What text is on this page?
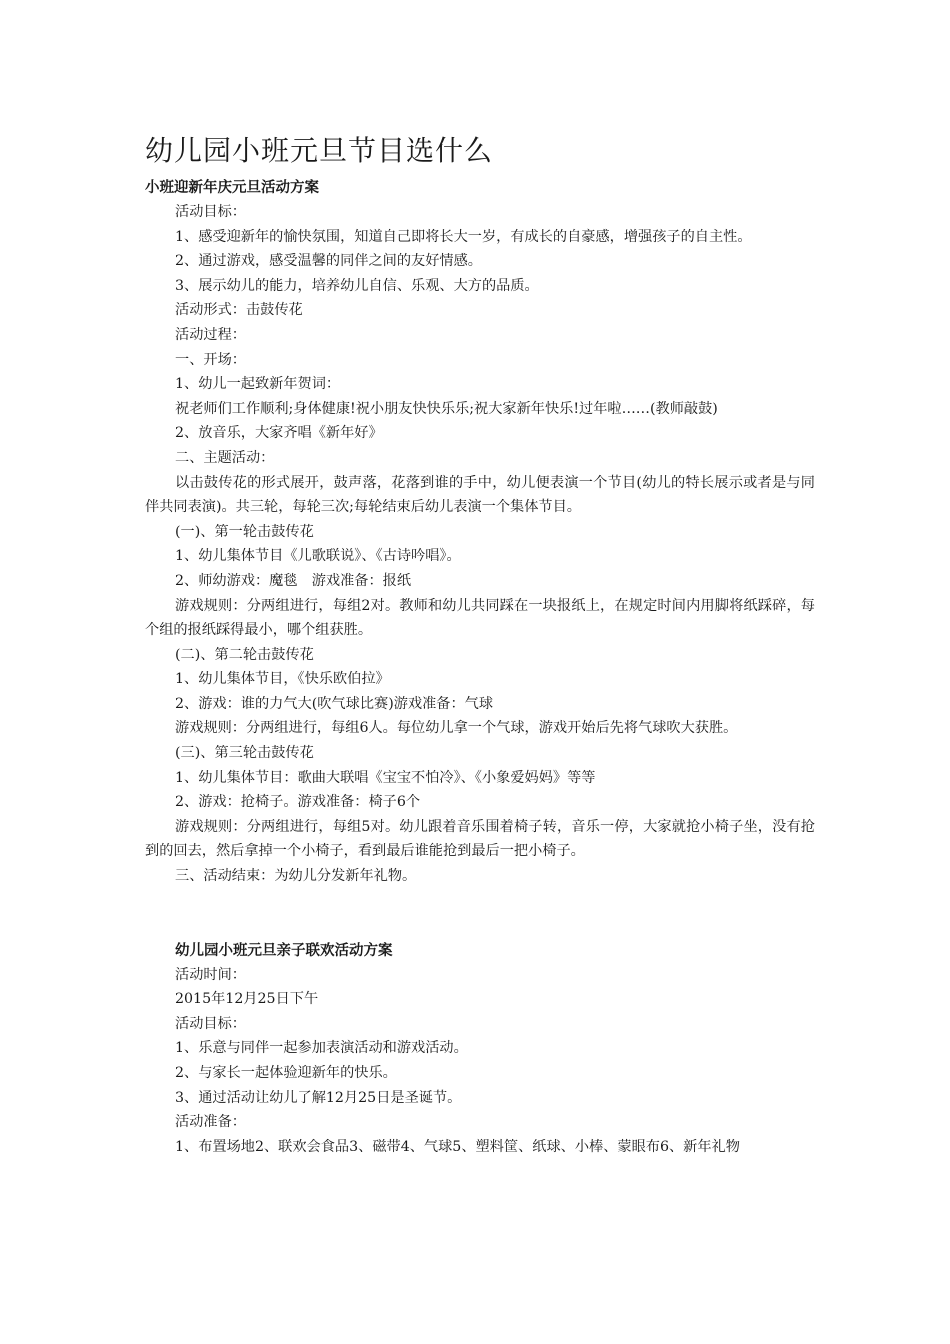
幼儿园小班元旦节目选什么

小班迎新年庆元旦活动方案

活动目标：

1、感受迎新年的愉快氛围，知道自己即将长大一岁，有成长的自豪感，增强孩子的自主性。

2、通过游戏，感受温馨的同伴之间的友好情感。

3、展示幼儿的能力，培养幼儿自信、乐观、大方的品质。

活动形式：击鼓传花

活动过程：

一、开场：

1、幼儿一起致新年贺词：

祝老师们工作顺利;身体健康!祝小朋友快快乐乐;祝大家新年快乐!过年啦……(教师敲鼓)

2、放音乐，大家齐唱《新年好》

二、主题活动：

以击鼓传花的形式展开，鼓声落，花落到谁的手中，幼儿便表演一个节目(幼儿的特长展示或者是与同伴共同表演)。共三轮，每轮三次;每轮结束后幼儿表演一个集体节目。

(一)、第一轮击鼓传花

1、幼儿集体节目《儿歌联说》、《古诗吟唱》。

2、师幼游戏：魔毯　游戏准备：报纸

游戏规则：分两组进行，每组2对。教师和幼儿共同踩在一块报纸上，在规定时间内用脚将纸踩碎，每个组的报纸踩得最小，哪个组获胜。

(二)、第二轮击鼓传花

1、幼儿集体节目，《快乐欧伯拉》

2、游戏：谁的力气大(吹气球比赛)游戏准备：气球

游戏规则：分两组进行，每组6人。每位幼儿拿一个气球，游戏开始后先将气球吹大获胜。

(三)、第三轮击鼓传花

1、幼儿集体节目：歌曲大联唱《宝宝不怕冷》、《小象爱妈妈》等等

2、游戏：抢椅子。游戏准备：椅子6个

游戏规则：分两组进行，每组5对。幼儿跟着音乐围着椅子转，音乐一停，大家就抢小椅子坐，没有抢到的回去，然后拿掉一个小椅子，看到最后谁能抢到最后一把小椅子。

三、活动结束：为幼儿分发新年礼物。

幼儿园小班元旦亲子联欢活动方案

活动时间：

2015年12月25日下午

活动目标：

1、乐意与同伴一起参加表演活动和游戏活动。

2、与家长一起体验迎新年的快乐。

3、通过活动让幼儿了解12月25日是圣诞节。

活动准备：

1、布置场地2、联欢会食品3、磁带4、气球5、塑料筐、纸球、小棒、蒙眼布6、新年礼物
